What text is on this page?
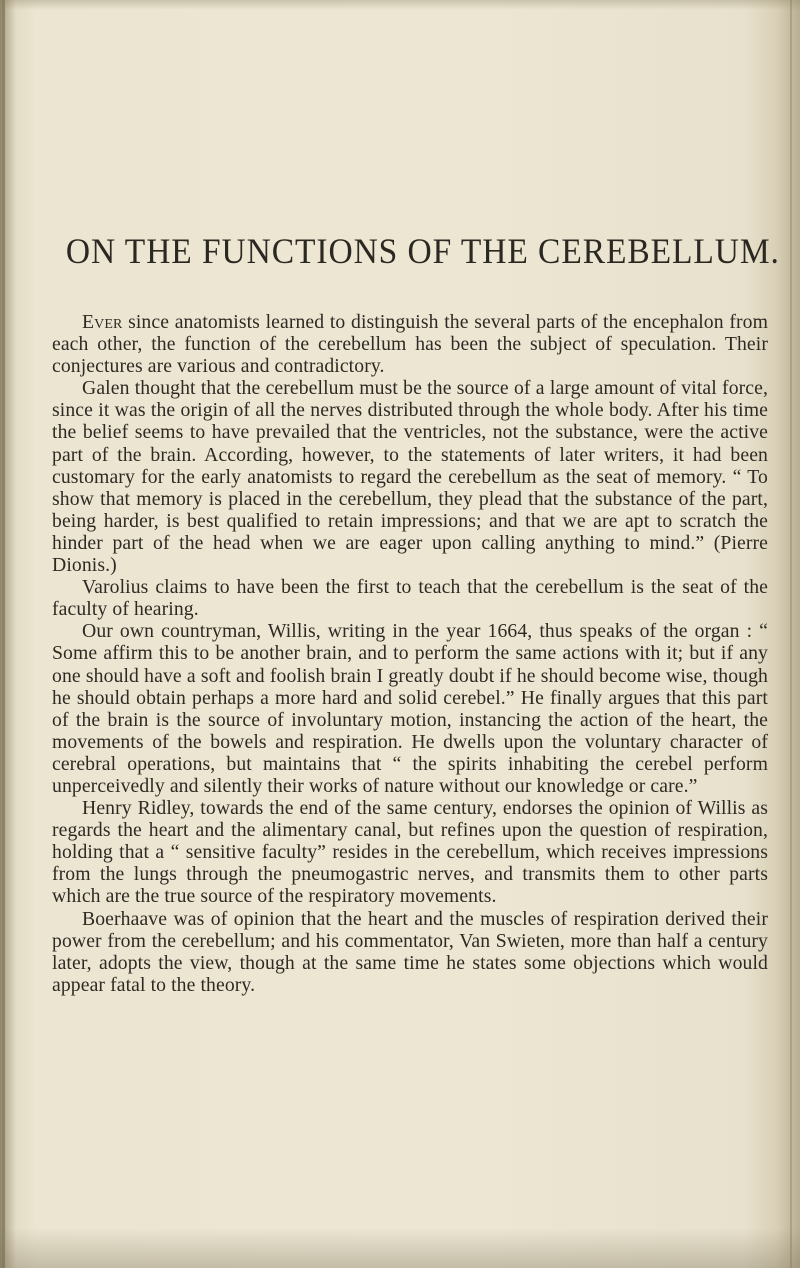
ON THE FUNCTIONS OF THE CEREBELLUM.

Ever since anatomists learned to distinguish the several parts of the encephalon from each other, the function of the cerebellum has been the subject of speculation. Their conjectures are various and contradictory.

Galen thought that the cerebellum must be the source of a large amount of vital force, since it was the origin of all the nerves distributed through the whole body. After his time the belief seems to have prevailed that the ventricles, not the substance, were the active part of the brain. According, however, to the statements of later writers, it had been customary for the early anatomists to regard the cerebellum as the seat of memory. “ To show that memory is placed in the cerebellum, they plead that the substance of the part, being harder, is best qualified to retain impressions; and that we are apt to scratch the hinder part of the head when we are eager upon calling anything to mind.” (Pierre Dionis.)

Varolius claims to have been the first to teach that the cerebellum is the seat of the faculty of hearing.

Our own countryman, Willis, writing in the year 1664, thus speaks of the organ : “ Some affirm this to be another brain, and to perform the same actions with it; but if any one should have a soft and foolish brain I greatly doubt if he should become wise, though he should obtain perhaps a more hard and solid cerebel.” He finally argues that this part of the brain is the source of involuntary motion, instancing the action of the heart, the movements of the bowels and respiration. He dwells upon the voluntary character of cerebral operations, but maintains that “ the spirits inhabiting the cerebel perform unperceivedly and silently their works of nature without our knowledge or care.”

Henry Ridley, towards the end of the same century, endorses the opinion of Willis as regards the heart and the alimentary canal, but refines upon the question of respiration, holding that a “ sensitive faculty” resides in the cerebellum, which receives impressions from the lungs through the pneumogastric nerves, and transmits them to other parts which are the true source of the respiratory movements.

Boerhaave was of opinion that the heart and the muscles of respiration derived their power from the cerebellum; and his commentator, Van Swieten, more than half a century later, adopts the view, though at the same time he states some objections which would appear fatal to the theory.
